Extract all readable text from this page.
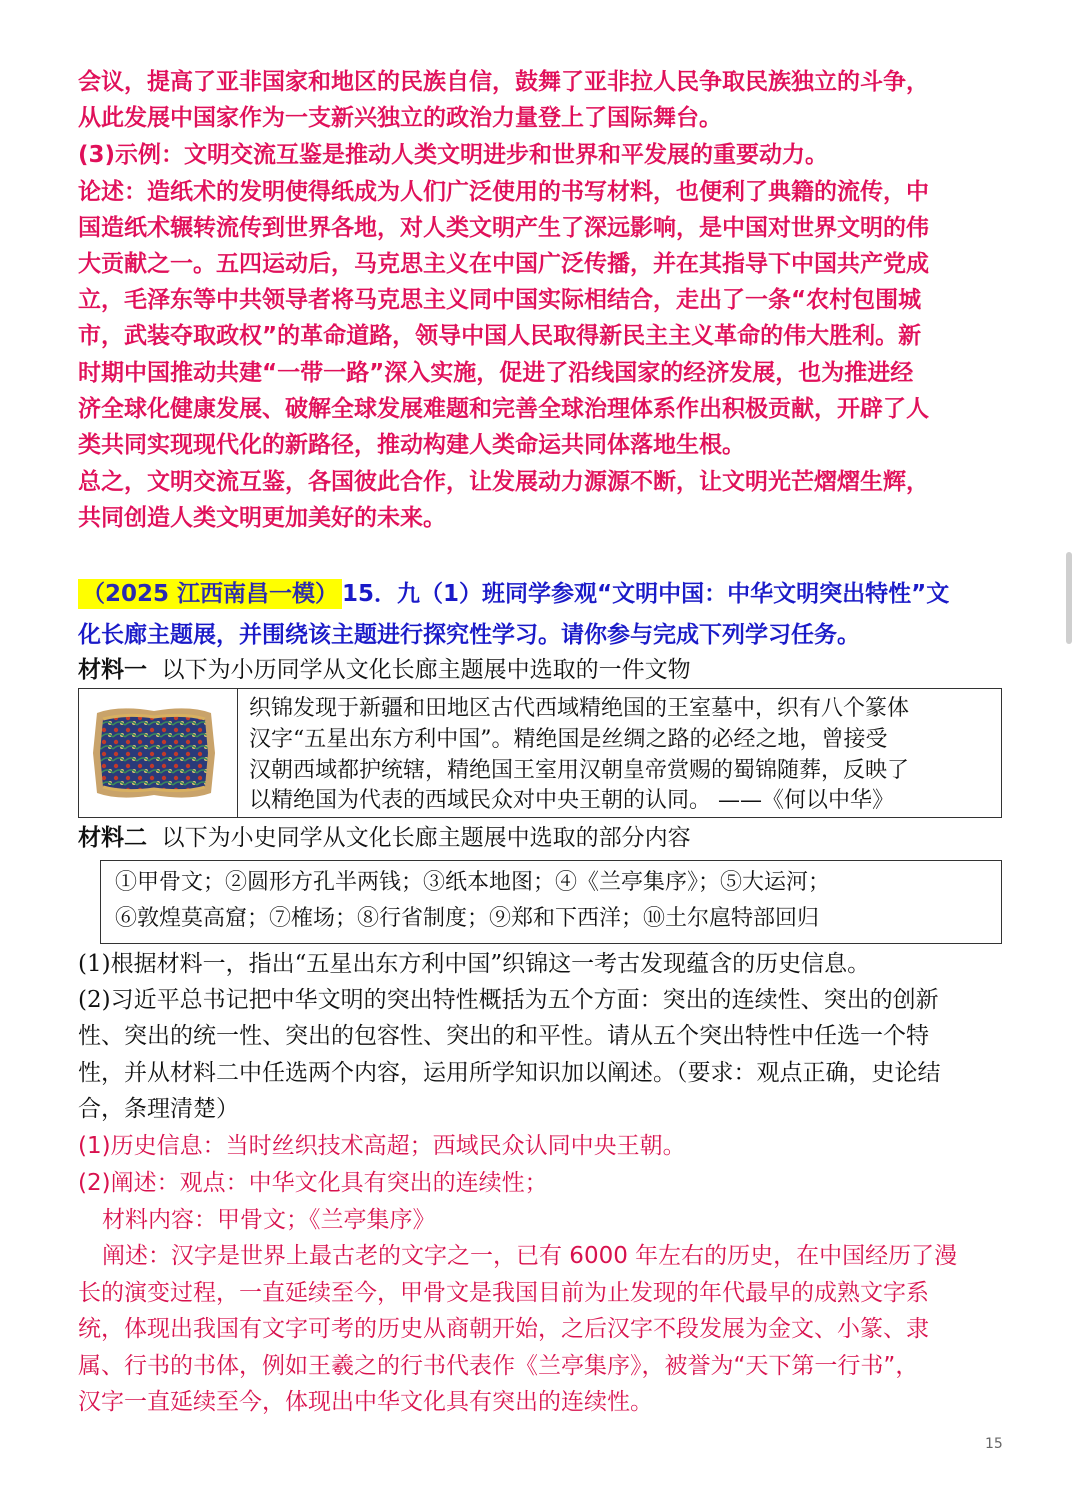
会议，提高了亚非国家和地区的民族自信，鼓舞了亚非拉人民争取民族独立的斗争，
从此发展中国家作为一支新兴独立的政治力量登上了国际舞台。
(3)示例：文明交流互鉴是推动人类文明进步和世界和平发展的重要动力。
论述：造纸术的发明使得纸成为人们广泛使用的书写材料，也便利了典籍的流传，中
国造纸术辗转流传到世界各地，对人类文明产生了深远影响，是中国对世界文明的伟
大贡献之一。五四运动后，马克思主义在中国广泛传播，并在其指导下中国共产党成
立，毛泽东等中共领导者将马克思主义同中国实际相结合，走出了一条“农村包围城
市，武装夺取政权”的革命道路，领导中国人民取得新民主主义革命的伟大胜利。新
时期中国推动共建“一带一路”深入实施，促进了沿线国家的经济发展，也为推进经
济全球化健康发展、破解全球发展难题和完善全球治理体系作出积极贡献，开辟了人
类共同实现现代化的新路径，推动构建人类命运共同体落地生根。
总之，文明交流互鉴，各国彼此合作，让发展动力源源不断，让文明光芒熠熠生辉，
共同创造人类文明更加美好的未来。
（2025 江西南昌一模） 15．九（1）班同学参观“文明中国：中华文明突出特性”文
化长廊主题展，并围绕该主题进行探究性学习。请你参与完成下列学习任务。
材料一 以下为小历同学从文化长廊主题展中选取的一件文物
织锦发现于新疆和田地区古代西域精绝国的王室墓中，织有八个篆体
汉字“五星出东方利中国”。精绝国是丝绸之路的必经之地，曾接受
汉朝西域都护统辖，精绝国王室用汉朝皇帝赏赐的蜀锦随葬，反映了
以精绝国为代表的西域民众对中央王朝的认同。 ——《何以中华》
材料二 以下为小史同学从文化长廊主题展中选取的部分内容
①甲骨文；②圆形方孔半两钱；③纸本地图；④《兰亭集序》；⑤大运河；
⑥敦煌莫高窟；⑦榷场；⑧行省制度；⑨郑和下西洋；⑩土尔扈特部回归
(1)根据材料一，指出“五星出东方利中国”织锦这一考古发现蕴含的历史信息。
(2)习近平总书记把中华文明的突出特性概括为五个方面：突出的连续性、突出的创新
性、突出的统一性、突出的包容性、突出的和平性。请从五个突出特性中任选一个特
性，并从材料二中任选两个内容，运用所学知识加以阐述。（要求：观点正确，史论结
合，条理清楚）
(1)历史信息：当时丝织技术高超；西域民众认同中央王朝。
(2)阐述：观点：中华文化具有突出的连续性；
材料内容：甲骨文；《兰亭集序》
阐述：汉字是世界上最古老的文字之一，已有 6000 年左右的历史，在中国经历了漫
长的演变过程，一直延续至今，甲骨文是我国目前为止发现的年代最早的成熟文字系
统，体现出我国有文字可考的历史从商朝开始，之后汉字不段发展为金文、小篆、隶
属、行书的书体，例如王羲之的行书代表作《兰亭集序》，被誉为“天下第一行书”，
汉字一直延续至今，体现出中华文化具有突出的连续性。
15
